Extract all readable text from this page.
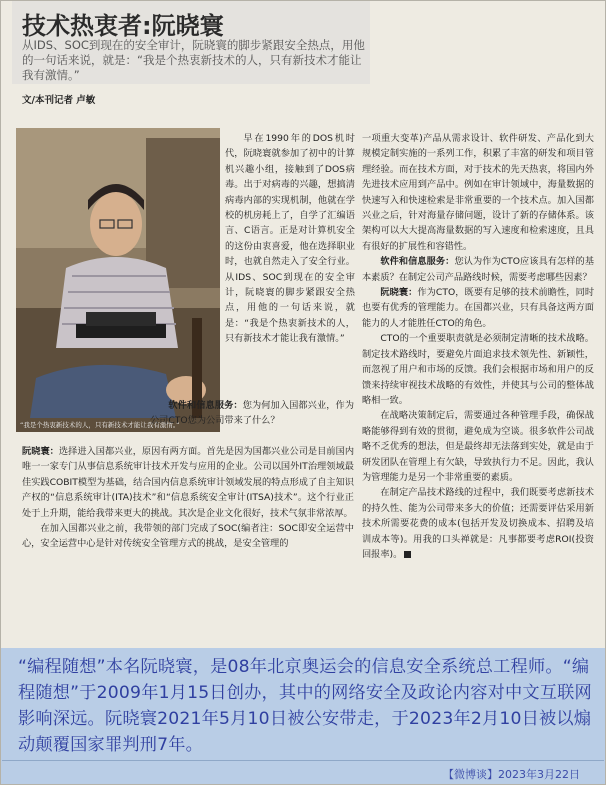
技术热衷者:阮晓寰
从IDS、SOC到现在的安全审计，阮晓寰的脚步紧跟安全热点，用他的一句话来说，就是：“我是个热衷新技术的人，只有新技术才能让我有激情。”
文/本刊记者 卢敏
“我是个热衷新技术的人，只有新技术才能让我有激情。”

早在1990年的DOS机时代，阮晓寰就参加了初中的计算机兴趣小组，接触到了DOS病毒。出于对病毒的兴趣，想搞清病毒内部的实现机制，他就在学校的机房耗上了，自学了汇编语言、C语言。正是对计算机安全的这份由衷喜爱，他在选择职业时，也就自然走入了安全行业。从IDS、SOC到现在的安全审计，阮晓寰的脚步紧跟安全热点，用他的一句话来说，就是：“我是个热衷新技术的人，只有新技术才能让我有激情。”

软件和信息服务：您为何加入国都兴业，作为公司CTO您为公司带来了什么？

阮晓寰：选择进入国都兴业，原因有两方面。首先是因为国都兴业公司是目前国内唯一一家专门从事信息系统审计技术开发与应用的企业。公司以国外IT治理领域最佳实践COBIT模型为基础，结合国内信息系统审计领域发展的特点形成了自主知识产权的“信息系统审计(ITA)技术”和“信息系统安全审计(ITSA)技术”。这个行业正处于上升期，能给我带来更大的挑战。其次是企业文化很好，技术气氛非常浓厚。

在加入国都兴业之前，我带领的部门完成了SOC(编者注：SOC即安全运营中心，安全运营中心是针对传统安全管理方式的挑战，是安全管理的

一项重大变革)产品从需求设计、软件研发、产品化到大规模定制实施的一系列工作，积累了丰富的研发和项目管理经验。而在技术方面，对于技术的先天热衷，将国内外先进技术应用到产品中。例如在审计领域中，海量数据的快速写入和快速检索是非常重要的一个技术点。加入国都兴业之后，针对海量存储问题，设计了新的存储体系。该架构可以大大提高海量数据的写入速度和检索速度，且具有很好的扩展性和容错性。

软件和信息服务：您认为作为CTO应该具有怎样的基本素质？在制定公司产品路线时候，需要考虑哪些因素？

阮晓寰：作为CTO，既要有足够的技术前瞻性，同时也要有优秀的管理能力。在国都兴业，只有具备这两方面能力的人才能胜任CTO的角色。

CTO的一个重要职责就是必须制定清晰的技术战略。制定技术路线时，要避免片面追求技术领先性、新颖性，而忽视了用户和市场的反馈。我们会根据市场和用户的反馈来持续审视技术战略的有效性，并使其与公司的整体战略相一致。

在战略决策制定后，需要通过各种管理手段，确保战略能够得到有效的贯彻，避免成为空谈。很多软件公司战略不乏优秀的想法，但是最终却无法落到实处，就是由于研发团队在管理上有欠缺，导致执行力不足。因此，我认为管理能力是另一个非常重要的素质。

在制定产品技术路线的过程中，我们既要考虑新技术的持久性、能为公司带来多大的价值；还需要评估采用新技术所需要花费的成本(包括开发及切换成本、招聘及培训成本等)。用我的口头禅就是：凡事都要考虑ROI(投资回报率)。

“编程随想”本名阮晓寰，是08年北京奥运会的信息安全系统总工程师。“编程随想”于2009年1月15日创办，其中的网络安全及政论内容对中文互联网影响深远。阮晓寰2021年5月10日被公安带走，于2023年2月10日被以煽动颠覆国家罪判刑7年。
【微博谈】2023年3月22日
